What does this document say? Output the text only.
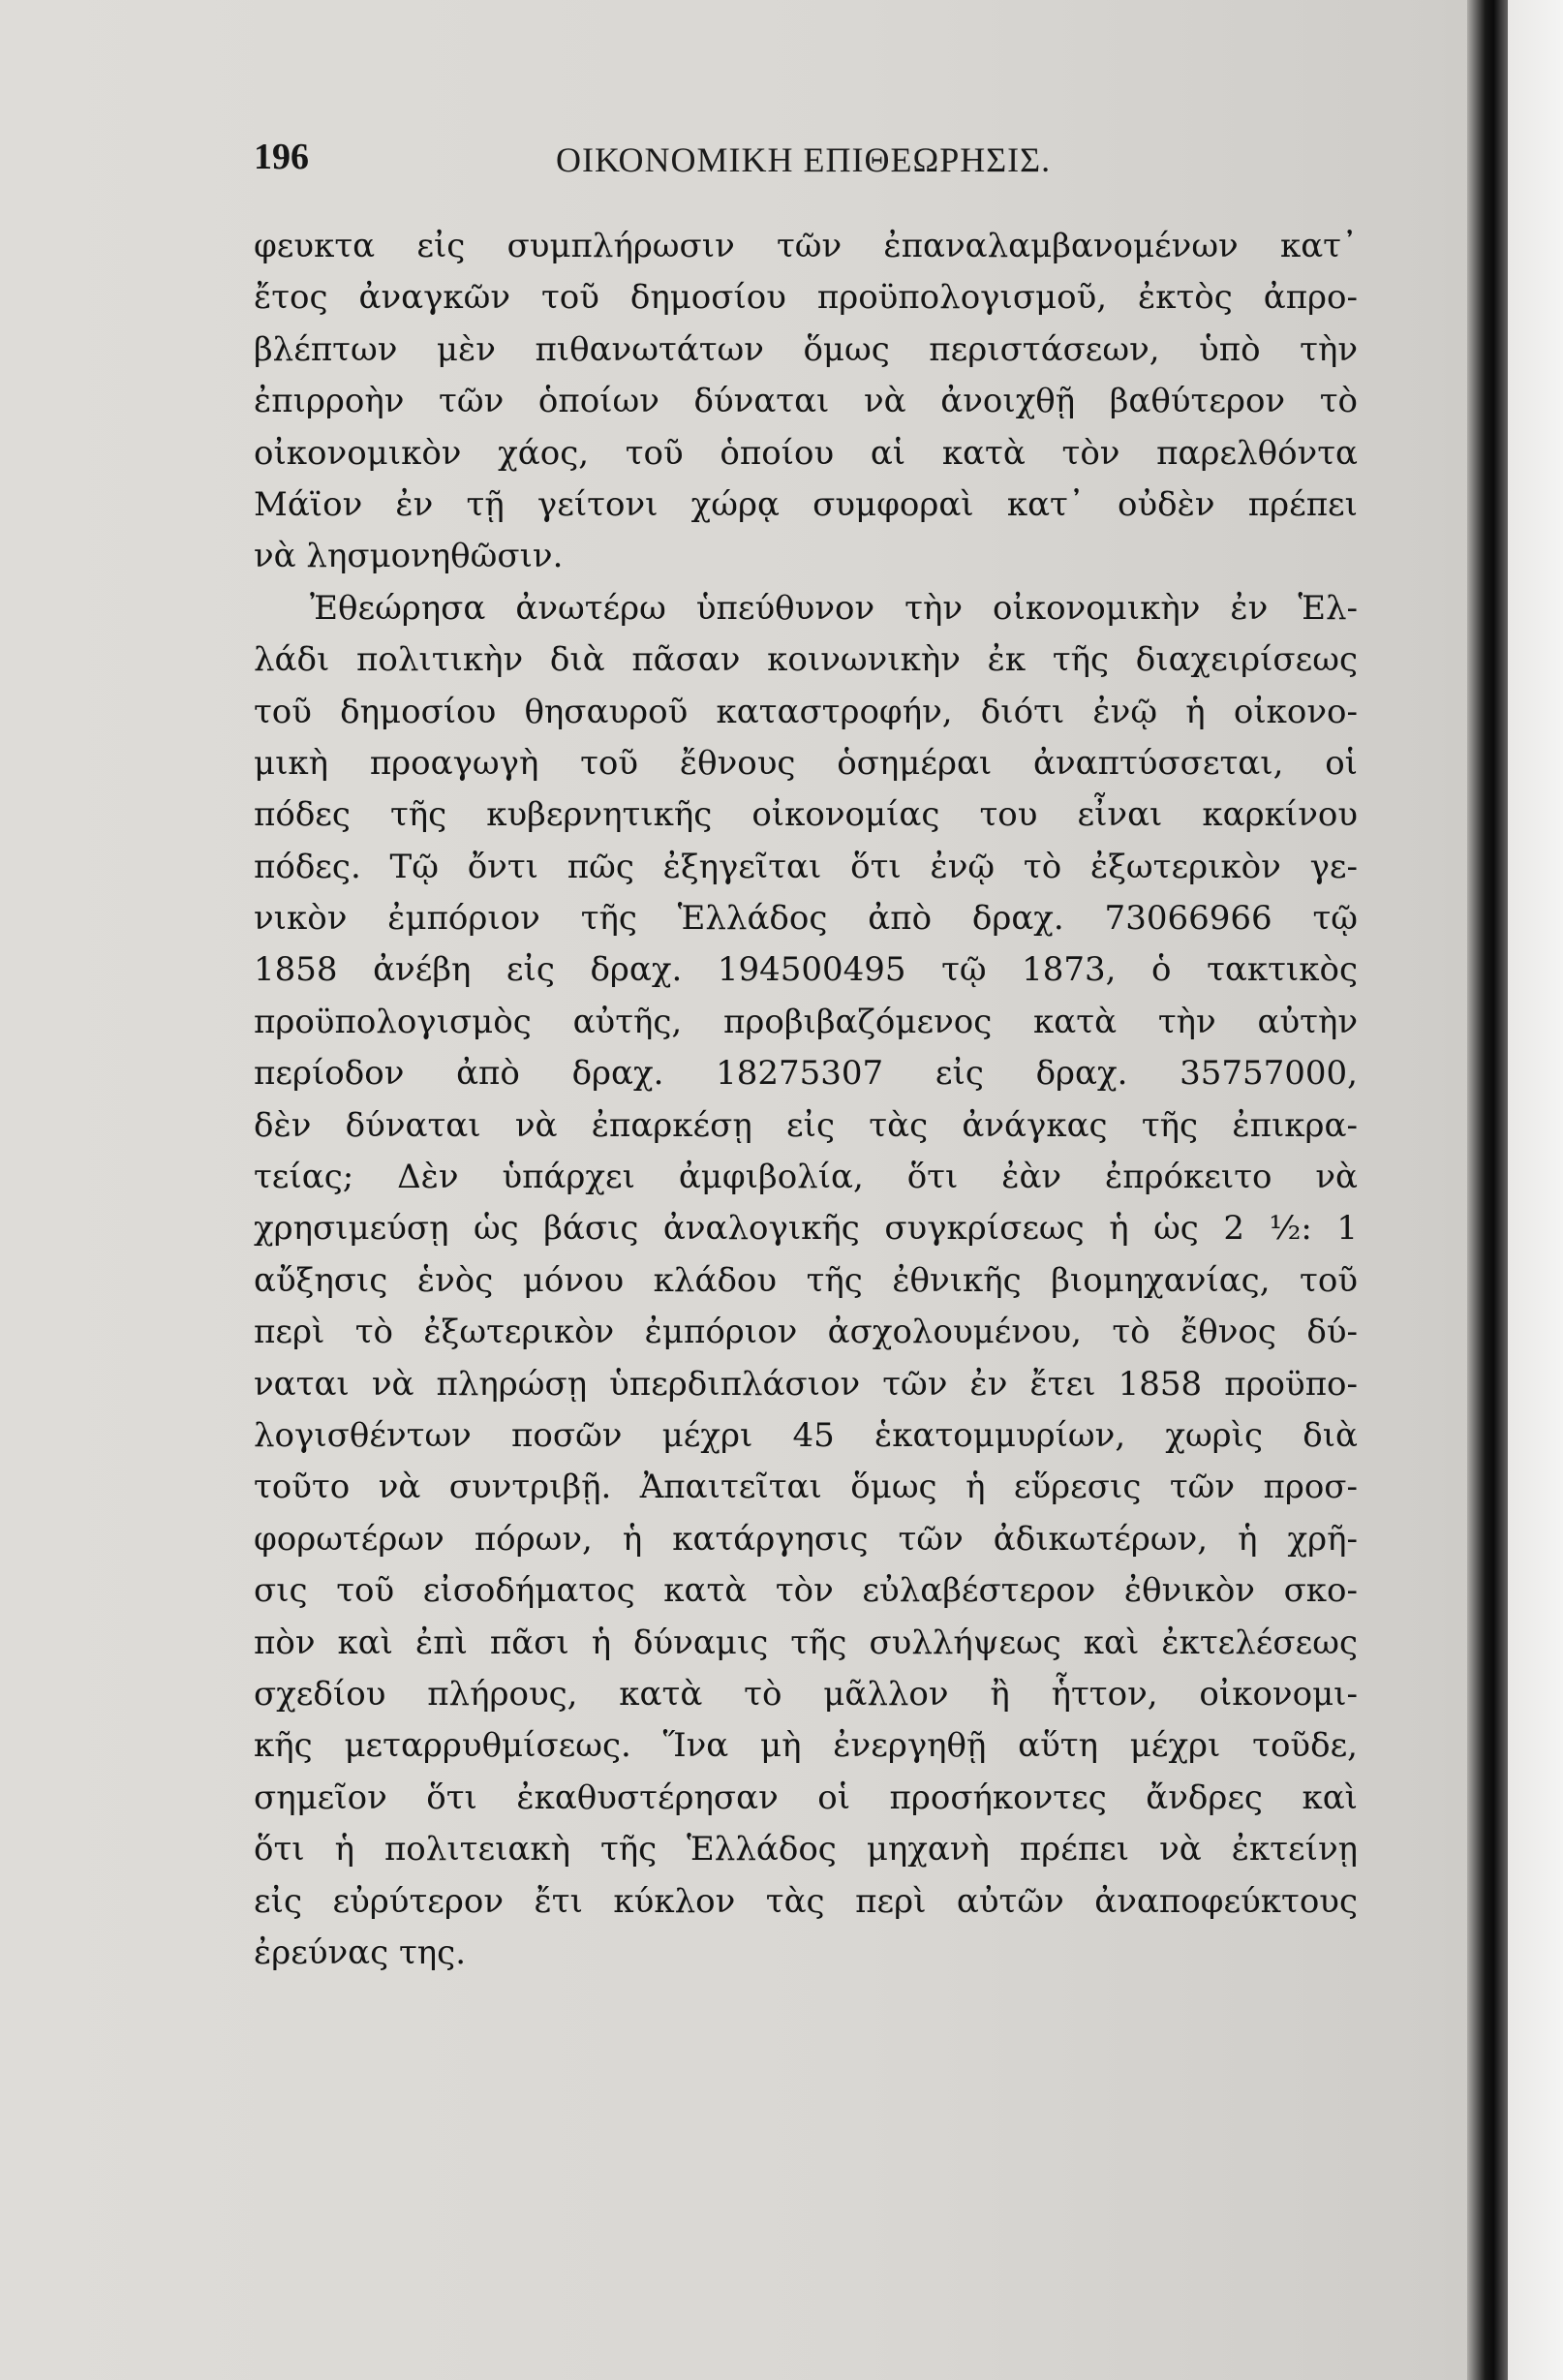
196	ΟΙΚΟΝΟΜΙΚΗ ΕΠΙΘΕΩΡΗΣΙΣ.
φευκτα εἰς συμπλήρωσιν τῶν ἐπαναλαμβανομένων κατ᾽
ἔτος ἀναγκῶν τοῦ δημοσίου προϋπολογισμοῦ, ἐκτὸς ἀπρο-
βλέπτων μὲν πιθανωτάτων ὅμως περιστάσεων, ὑπὸ τὴν
ἐπιρροὴν τῶν ὁποίων δύναται νὰ ἀνοιχθῇ βαθύτερον τὸ
οἰκονομικὸν χάος, τοῦ ὁποίου αἱ κατὰ τὸν παρελθόντα
Μάϊον ἐν τῇ γείτονι χώρᾳ συμφοραὶ κατ᾽ οὐδὲν πρέπει
νὰ λησμονηθῶσιν.
Ἐθεώρησα ἀνωτέρω ὑπεύθυνον τὴν οἰκονομικὴν ἐν Ἑλ-
λάδι πολιτικὴν διὰ πᾶσαν κοινωνικὴν ἐκ τῆς διαχειρίσεως
τοῦ δημοσίου θησαυροῦ καταστροφήν, διότι ἐνῷ ἡ οἰκονο-
μικὴ προαγωγὴ τοῦ ἔθνους ὁσημέραι ἀναπτύσσεται, οἱ
πόδες τῆς κυβερνητικῆς οἰκονομίας του εἶναι καρκίνου
πόδες. Τῷ ὄντι πῶς ἐξηγεῖται ὅτι ἐνῷ τὸ ἐξωτερικὸν γε-
νικὸν ἐμπόριον τῆς Ἑλλάδος ἀπὸ δραχ. 73066966 τῷ
1858 ἀνέβη εἰς δραχ. 194500495 τῷ 1873, ὁ τακτικὸς
προϋπολογισμὸς αὐτῆς, προβιβαζόμενος κατὰ τὴν αὐτὴν
περίοδον ἀπὸ δραχ. 18275307 εἰς δραχ. 35757000,
δὲν δύναται νὰ ἐπαρκέσῃ εἰς τὰς ἀνάγκας τῆς ἐπικρα-
τείας; Δὲν ὑπάρχει ἀμφιβολία, ὅτι ἐὰν ἐπρόκειτο νὰ
χρησιμεύσῃ ὡς βάσις ἀναλογικῆς συγκρίσεως ἡ ὡς 2 ½: 1
αὔξησις ἑνὸς μόνου κλάδου τῆς ἐθνικῆς βιομηχανίας, τοῦ
περὶ τὸ ἐξωτερικὸν ἐμπόριον ἀσχολουμένου, τὸ ἔθνος δύ-
ναται νὰ πληρώσῃ ὑπερδιπλάσιον τῶν ἐν ἔτει 1858 προϋπο-
λογισθέντων ποσῶν μέχρι 45 ἑκατομμυρίων, χωρὶς διὰ
τοῦτο νὰ συντριβῇ. Ἀπαιτεῖται ὅμως ἡ εὕρεσις τῶν προσ-
φορωτέρων πόρων, ἡ κατάργησις τῶν ἀδικωτέρων, ἡ χρῆ-
σις τοῦ εἰσοδήματος κατὰ τὸν εὐλαβέστερον ἐθνικὸν σκο-
πὸν καὶ ἐπὶ πᾶσι ἡ δύναμις τῆς συλλήψεως καὶ ἐκτελέσεως
σχεδίου πλήρους, κατὰ τὸ μᾶλλον ἢ ἧττον, οἰκονομι-
κῆς μεταρρυθμίσεως. Ἵνα μὴ ἐνεργηθῇ αὕτη μέχρι τοῦδε,
σημεῖον ὅτι ἐκαθυστέρησαν οἱ προσήκοντες ἄνδρες καὶ
ὅτι ἡ πολιτειακὴ τῆς Ἑλλάδος μηχανὴ πρέπει νὰ ἐκτείνῃ
εἰς εὐρύτερον ἔτι κύκλον τὰς περὶ αὐτῶν ἀναποφεύκτους
ἐρεύνας της.
